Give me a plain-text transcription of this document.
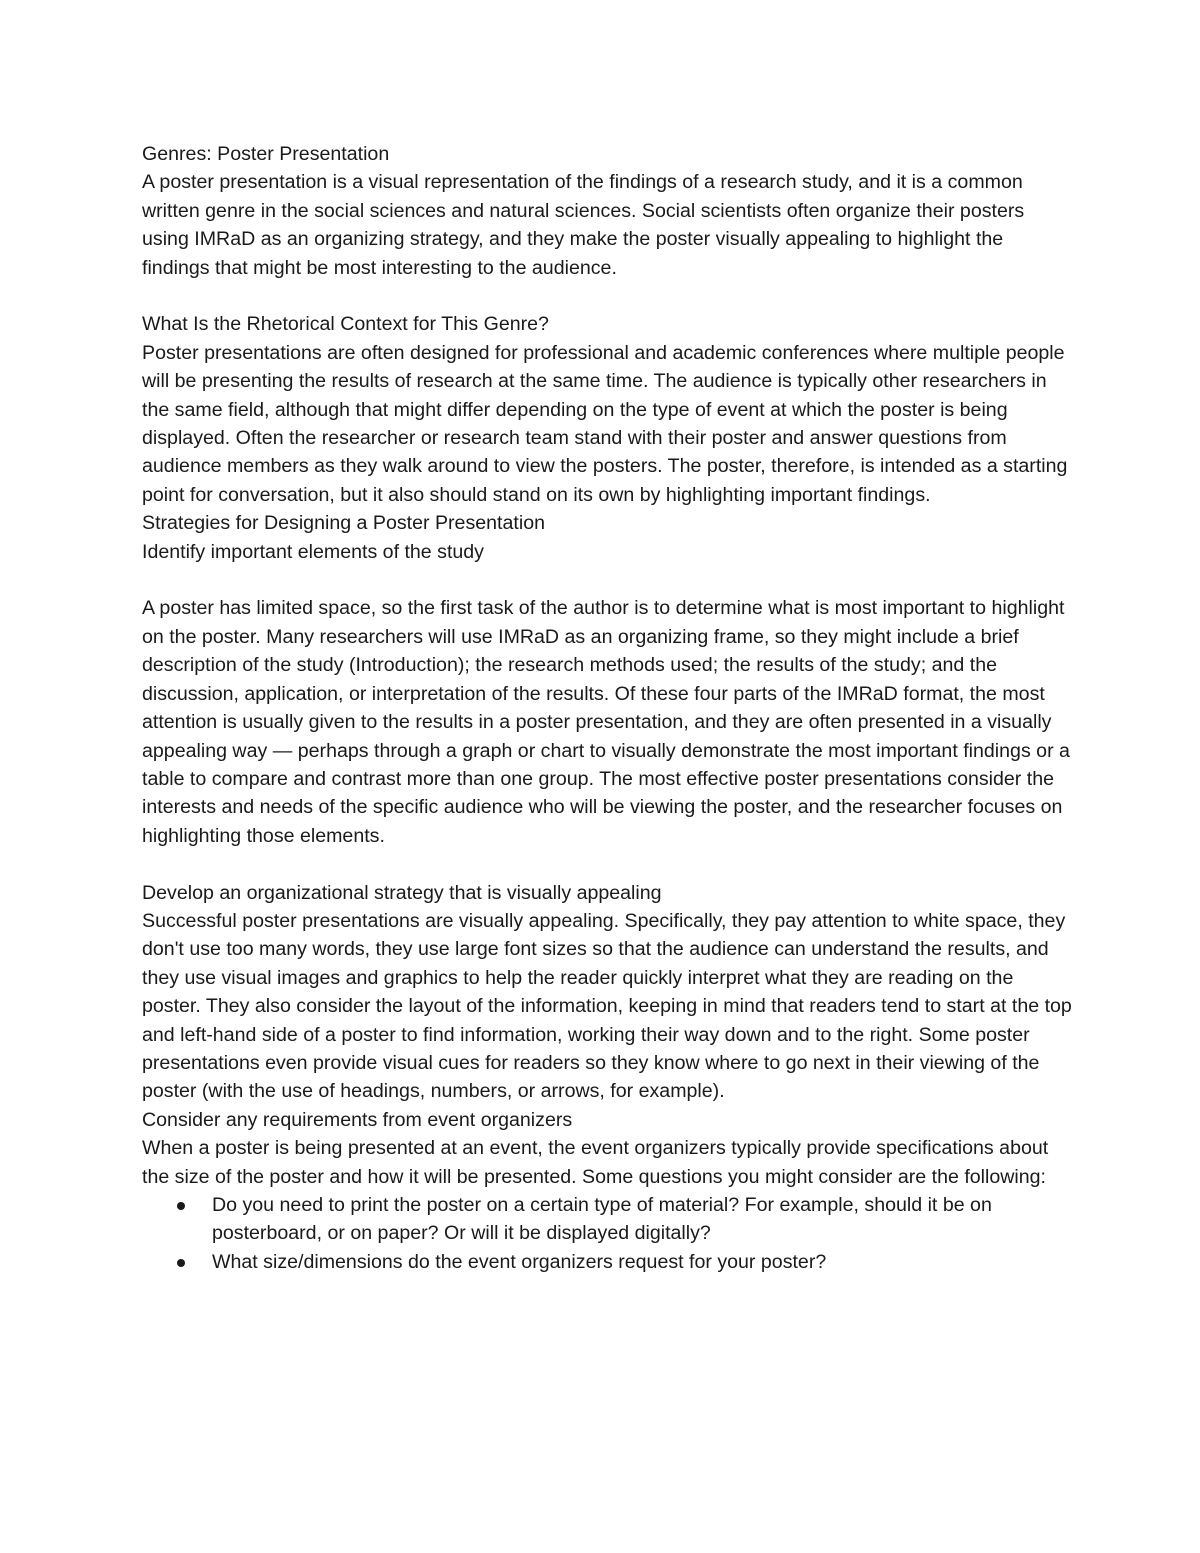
Genres: Poster Presentation

A poster presentation is a visual representation of the findings of a research study, and it is a common written genre in the social sciences and natural sciences. Social scientists often organize their posters using IMRaD as an organizing strategy, and they make the poster visually appealing to highlight the findings that might be most interesting to the audience.

What Is the Rhetorical Context for This Genre?

Poster presentations are often designed for professional and academic conferences where multiple people will be presenting the results of research at the same time. The audience is typically other researchers in the same field, although that might differ depending on the type of event at which the poster is being displayed. Often the researcher or research team stand with their poster and answer questions from audience members as they walk around to view the posters. The poster, therefore, is intended as a starting point for conversation, but it also should stand on its own by highlighting important findings.

Strategies for Designing a Poster Presentation

Identify important elements of the study

A poster has limited space, so the first task of the author is to determine what is most important to highlight on the poster. Many researchers will use IMRaD as an organizing frame, so they might include a brief description of the study (Introduction); the research methods used; the results of the study; and the discussion, application, or interpretation of the results. Of these four parts of the IMRaD format, the most attention is usually given to the results in a poster presentation, and they are often presented in a visually appealing way — perhaps through a graph or chart to visually demonstrate the most important findings or a table to compare and contrast more than one group. The most effective poster presentations consider the interests and needs of the specific audience who will be viewing the poster, and the researcher focuses on highlighting those elements.

Develop an organizational strategy that is visually appealing

Successful poster presentations are visually appealing. Specifically, they pay attention to white space, they don't use too many words, they use large font sizes so that the audience can understand the results, and they use visual images and graphics to help the reader quickly interpret what they are reading on the poster. They also consider the layout of the information, keeping in mind that readers tend to start at the top and left-hand side of a poster to find information, working their way down and to the right. Some poster presentations even provide visual cues for readers so they know where to go next in their viewing of the poster (with the use of headings, numbers, or arrows, for example).

Consider any requirements from event organizers

When a poster is being presented at an event, the event organizers typically provide specifications about the size of the poster and how it will be presented. Some questions you might consider are the following:

Do you need to print the poster on a certain type of material? For example, should it be on posterboard, or on paper? Or will it be displayed digitally?
What size/dimensions do the event organizers request for your poster?
